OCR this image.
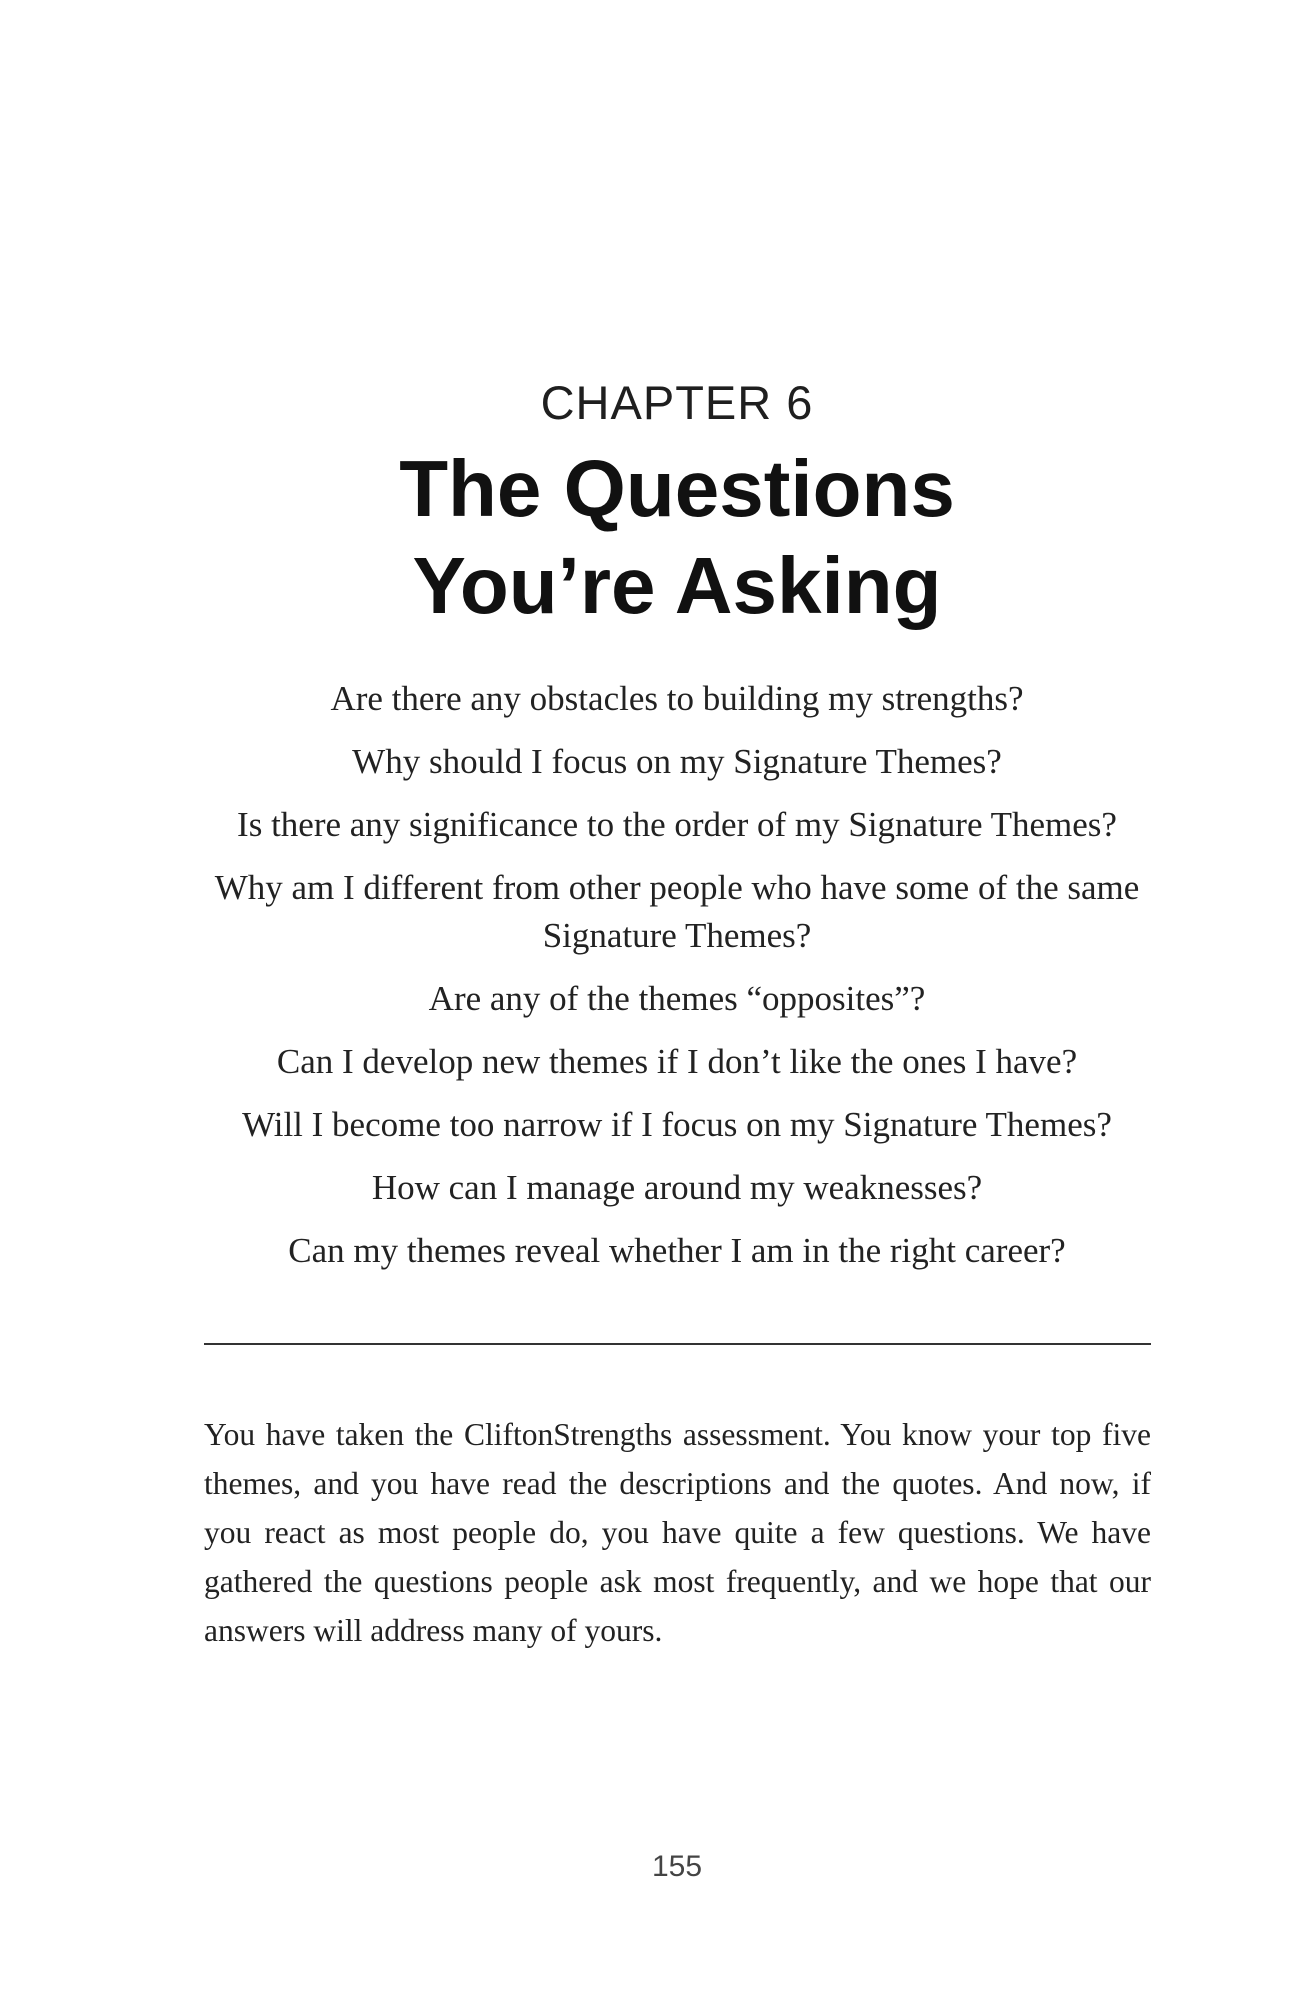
CHAPTER 6
The Questions
You’re Asking
Are there any obstacles to building my strengths?
Why should I focus on my Signature Themes?
Is there any significance to the order of my Signature Themes?
Why am I different from other people who have some of the same Signature Themes?
Are any of the themes “opposites”?
Can I develop new themes if I don’t like the ones I have?
Will I become too narrow if I focus on my Signature Themes?
How can I manage around my weaknesses?
Can my themes reveal whether I am in the right career?

You have taken the CliftonStrengths assessment. You know your top five themes, and you have read the descriptions and the quotes. And now, if you react as most people do, you have quite a few questions. We have gathered the questions people ask most frequently, and we hope that our answers will address many of yours.

155
